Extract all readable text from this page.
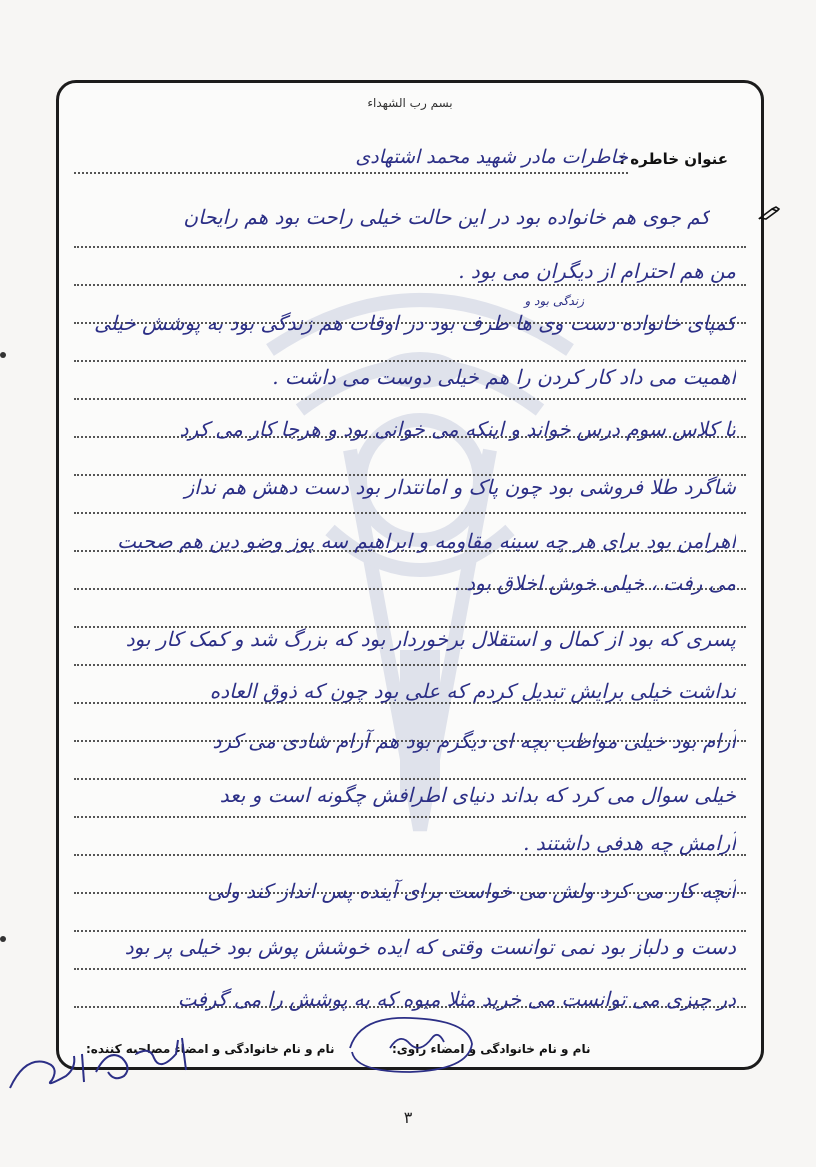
بسم رب الشهداء
عنوان خاطره :
خاطرات مادر شهید محمد اشتهادی
کم جوی هم خانواده بود در این حالت خیلی راحت بود هم رایحان
من هم احترام از دیگران می بود .
کمپای خانواده دست وی ها طرف بود در اوقات هم زندگی بود به پوشش خیلی
زندگی بود و
اهمیت می داد کار کردن را هم خیلی دوست می داشت .
تا کلاس سوم درس خواند و اینکه می خوانی بود و هرجا کار می کرد
شاگرد طلا فروشی بود چون پاک و امانتدار بود دست دهش هم نداز
اهرامن بود برای هر چه سینه مقاومه و ابراهیم سه پوز وضو دین هم صحبت
می رفت ، خیلی خوش اخلاق بود .
پسری که بود از کمال و استقلال برخوردار بود که بزرگ شد و کمک کار بود
نداشت خیلی برایش تبدیل کردم که علی بود چون که ذوق العاده
آرام بود خیلی مواظب بچه ای دیگرم بود هم آرام شادی می کرد
خیلی سوال می کرد که بداند دنیای اطرافش چگونه است و بعد
آرامش چه هدفی داشتند .
آنچه کار می کرد ولش می خواست برای آینده پس انداز کند ولی
دست و دلباز بود نمی توانست وقتی که ایده خوشش پوش بود خیلی پر بود
در چیزی می توانست می خرید مثلا میوه که به پوشش را می گرفت
نام و نام خانوادگی و امضاء راوی:
نام و نام خانوادگی و امضاء مصاحبه کننده:
۳
